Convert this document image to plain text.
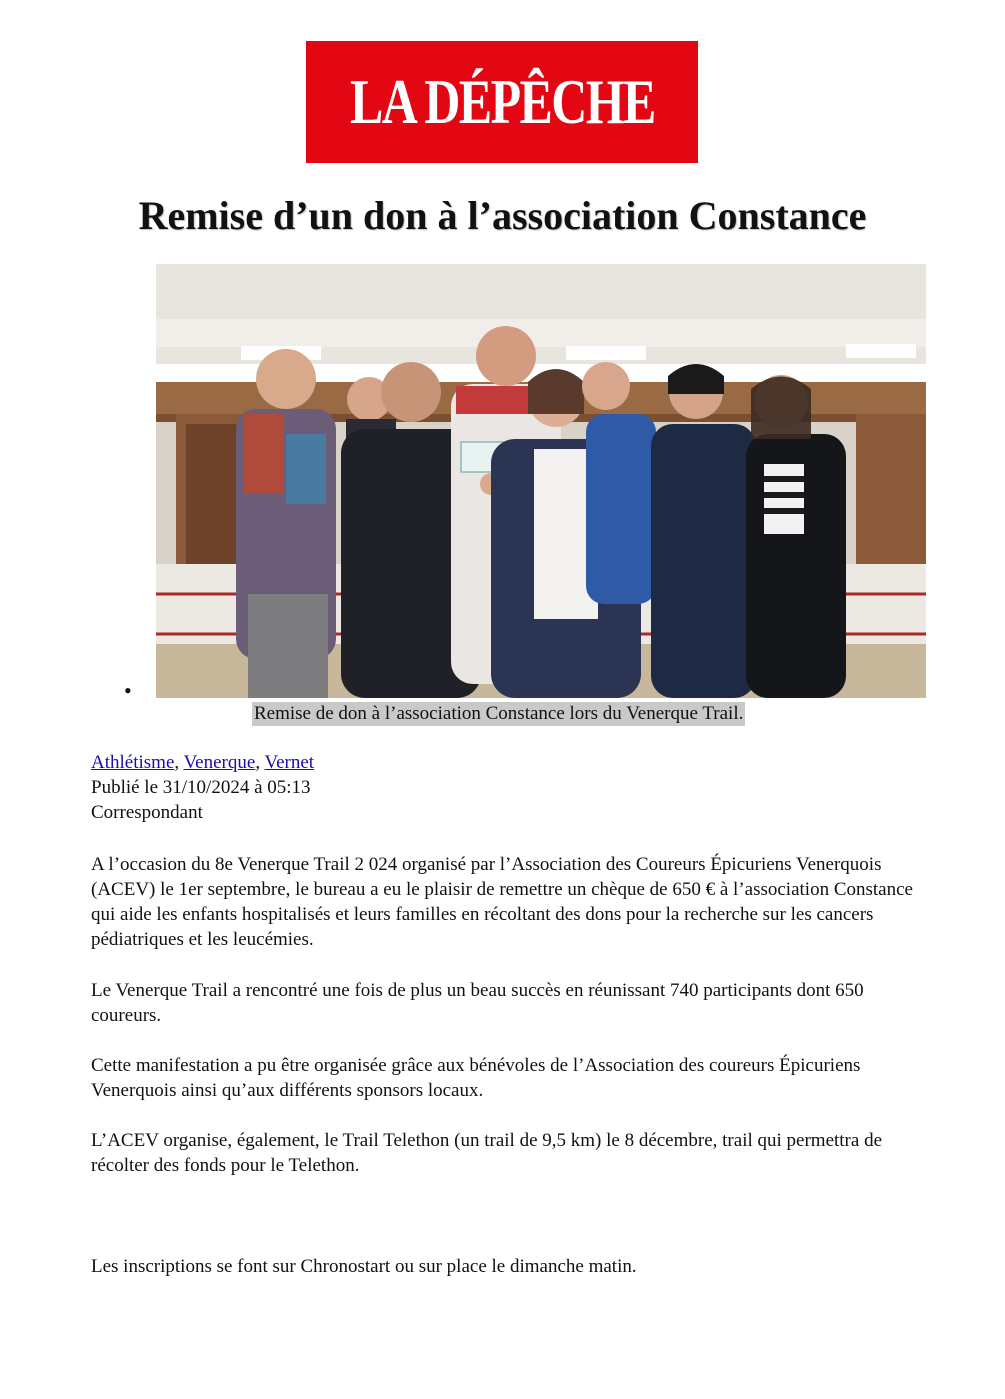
LA DÉPÊCHE
Remise d’un don à l’association Constance
•
Remise de don à l’association Constance lors du Venerque Trail.
Athlétisme, Venerque, Vernet
Publié le 31/10/2024 à 05:13
Correspondant

A l’occasion du 8e Venerque Trail 2 024 organisé par l’Association des Coureurs Épicuriens Venerquois (ACEV) le 1er septembre, le bureau a eu le plaisir de remettre un chèque de 650 € à l’association Constance qui aide les enfants hospitalisés et leurs familles en récoltant des dons pour la recherche sur les cancers pédiatriques et les leucémies.

Le Venerque Trail a rencontré une fois de plus un beau succès en réunissant 740 participants dont 650 coureurs.

Cette manifestation a pu être organisée grâce aux bénévoles de l’Association des coureurs Épicuriens Venerquois ainsi qu’aux différents sponsors locaux.

L’ACEV organise, également, le Trail Telethon (un trail de 9,5 km) le 8 décembre, trail qui permettra de récolter des fonds pour le Telethon.

Les inscriptions se font sur Chronostart ou sur place le dimanche matin.
